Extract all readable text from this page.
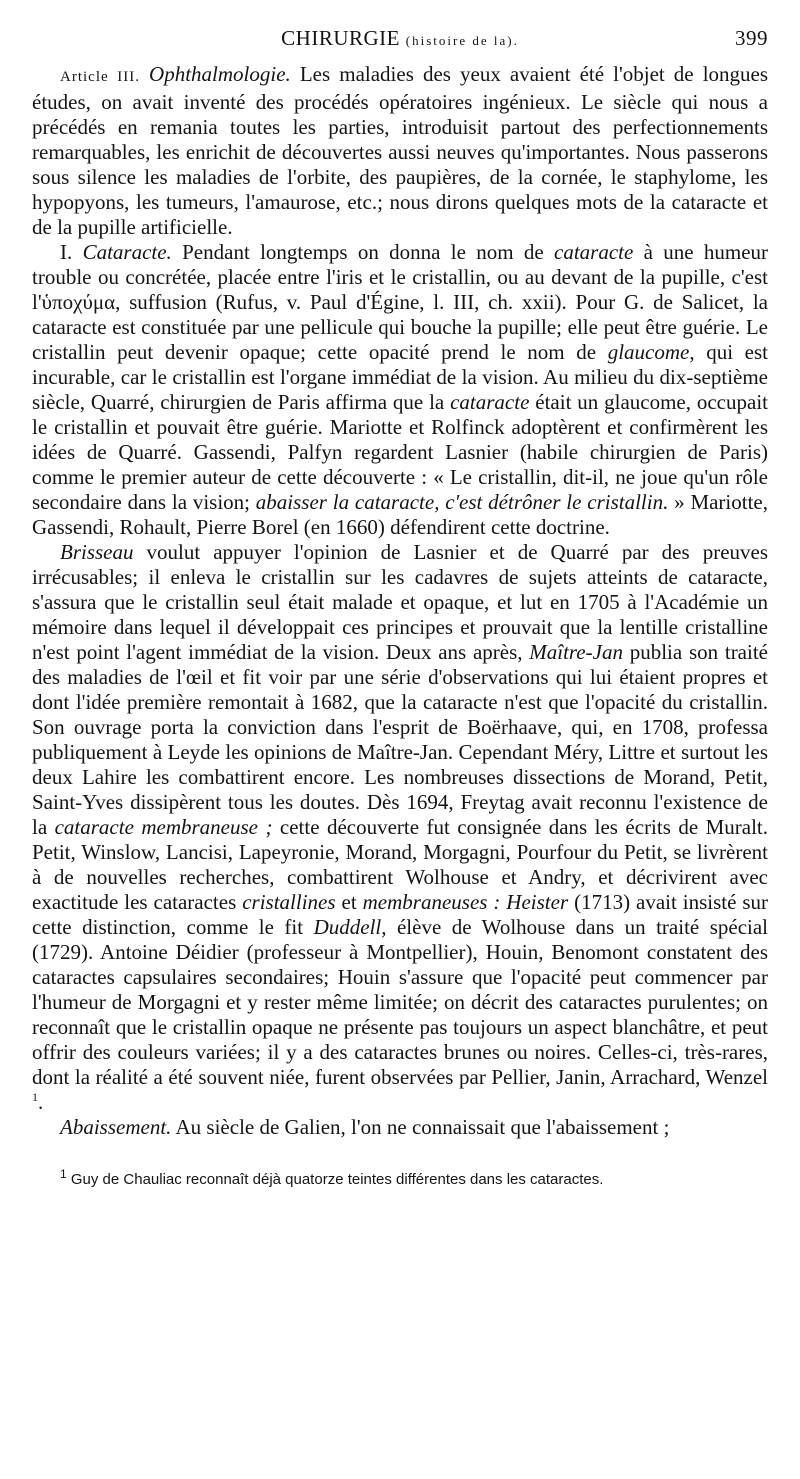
CHIRURGIE (histoire de la).	399

Article III. Ophthalmologie. Les maladies des yeux avaient été l'objet de longues études, on avait inventé des procédés opératoires ingénieux. Le siècle qui nous a précédés en remania toutes les parties, introduisit partout des perfectionnements remarquables, les enrichit de découvertes aussi neuves qu'importantes. Nous passerons sous silence les maladies de l'orbite, des paupières, de la cornée, le staphylome, les hypopyons, les tumeurs, l'amaurose, etc.; nous dirons quelques mots de la cataracte et de la pupille artificielle.

I. Cataracte. Pendant longtemps on donna le nom de cataracte à une humeur trouble ou concrétée, placée entre l'iris et le cristallin, ou au devant de la pupille, c'est l'ὑποχύμα, suffusion (Rufus, v. Paul d'Égine, l. III, ch. xxii). Pour G. de Salicet, la cataracte est constituée par une pellicule qui bouche la pupille; elle peut être guérie. Le cristallin peut devenir opaque; cette opacité prend le nom de glaucome, qui est incurable, car le cristallin est l'organe immédiat de la vision. Au milieu du dix-septième siècle, Quarré, chirurgien de Paris affirma que la cataracte était un glaucome, occupait le cristallin et pouvait être guérie. Mariotte et Rolfinck adoptèrent et confirmèrent les idées de Quarré. Gassendi, Palfyn regardent Lasnier (habile chirurgien de Paris) comme le premier auteur de cette découverte : « Le cristallin, dit-il, ne joue qu'un rôle secondaire dans la vision; abaisser la cataracte, c'est détrôner le cristallin. » Mariotte, Gassendi, Rohault, Pierre Borel (en 1660) défendirent cette doctrine.

Brisseau voulut appuyer l'opinion de Lasnier et de Quarré par des preuves irrécusables; il enleva le cristallin sur les cadavres de sujets atteints de cataracte, s'assura que le cristallin seul était malade et opaque, et lut en 1705 à l'Académie un mémoire dans lequel il développait ces principes et prouvait que la lentille cristalline n'est point l'agent immédiat de la vision. Deux ans après, Maître-Jan publia son traité des maladies de l'œil et fit voir par une série d'observations qui lui étaient propres et dont l'idée première remontait à 1682, que la cataracte n'est que l'opacité du cristallin. Son ouvrage porta la conviction dans l'esprit de Boërhaave, qui, en 1708, professa publiquement à Leyde les opinions de Maître-Jan. Cependant Méry, Littre et surtout les deux Lahire les combattirent encore. Les nombreuses dissections de Morand, Petit, Saint-Yves dissipèrent tous les doutes. Dès 1694, Freytag avait reconnu l'existence de la cataracte membraneuse ; cette découverte fut consignée dans les écrits de Muralt. Petit, Winslow, Lancisi, Lapeyronie, Morand, Morgagni, Pourfour du Petit, se livrèrent à de nouvelles recherches, combattirent Wolhouse et Andry, et décrivirent avec exactitude les cataractes cristallines et membraneuses : Heister (1713) avait insisté sur cette distinction, comme le fit Duddell, élève de Wolhouse dans un traité spécial (1729). Antoine Déidier (professeur à Montpellier), Houin, Benomont constatent des cataractes capsulaires secondaires; Houin s'assure que l'opacité peut commencer par l'humeur de Morgagni et y rester même limitée; on décrit des cataractes purulentes; on reconnaît que le cristallin opaque ne présente pas toujours un aspect blanchâtre, et peut offrir des couleurs variées; il y a des cataractes brunes ou noires. Celles-ci, très-rares, dont la réalité a été souvent niée, furent observées par Pellier, Janin, Arrachard, Wenzel $^1$.

Abaissement. Au siècle de Galien, l'on ne connaissait que l'abaissement ;

$^1$ Guy de Chauliac reconnaît déjà quatorze teintes différentes dans les cataractes.
